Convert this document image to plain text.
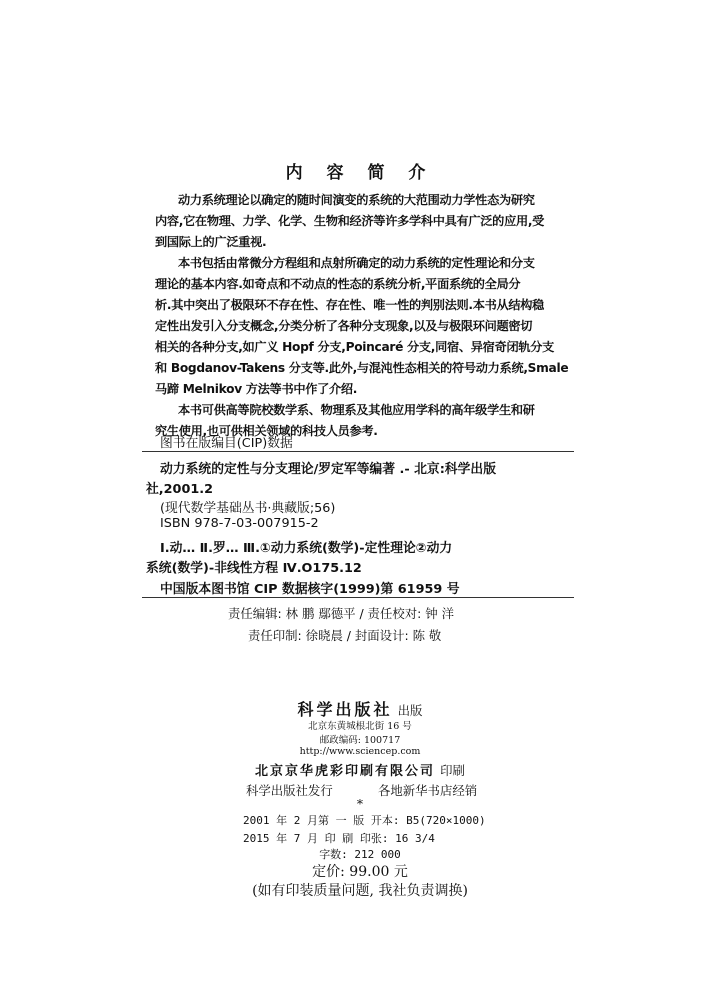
内 容 简 介

动力系统理论以确定的随时间演变的系统的大范围动力学性态为研究

内容,它在物理、力学、化学、生物和经济等许多学科中具有广泛的应用,受

到国际上的广泛重视.

本书包括由常微分方程组和点射所确定的动力系统的定性理论和分支

理论的基本内容.如奇点和不动点的性态的系统分析,平面系统的全局分

析.其中突出了极限环不存在性、存在性、唯一性的判别法则.本书从结构稳

定性出发引入分支概念,分类分析了各种分支现象,以及与极限环问题密切

相关的各种分支,如广义 Hopf 分支,Poincaré 分支,同宿、异宿奇闭轨分支

和 Bogdanov-Takens 分支等.此外,与混沌性态相关的符号动力系统,Smale

马蹄 Melnikov 方法等书中作了介绍.

本书可供高等院校数学系、物理系及其他应用学科的高年级学生和研

究生使用,也可供相关领域的科技人员参考.

图书在版编目(CIP)数据
动力系统的定性与分支理论/罗定军等编著 .- 北京:科学出版
社,2001.2
(现代数学基础丛书·典藏版;56)
ISBN 978-7-03-007915-2
Ⅰ.动… Ⅱ.罗… Ⅲ.①动力系统(数学)-定性理论②动力
系统(数学)-非线性方程 Ⅳ.O175.12
中国版本图书馆 CIP 数据核字(1999)第 61959 号
责任编辑: 林 鹏 鄢德平 / 责任校对: 钟 洋
责任印制: 徐晓晨 / 封面设计: 陈 敬
科学出版社 出版
北京东黄城根北街 16 号
邮政编码: 100717
http://www.sciencep.com
北京京华虎彩印刷有限公司 印刷
科学出版社发行	各地新华书店经销
*
2001 年 2 月第 一 版 开本: B5(720×1000)
2015 年 7 月 印 刷 印张: 16 3/4
字数: 212 000
定价: 99.00 元
(如有印装质量问题, 我社负责调换)
